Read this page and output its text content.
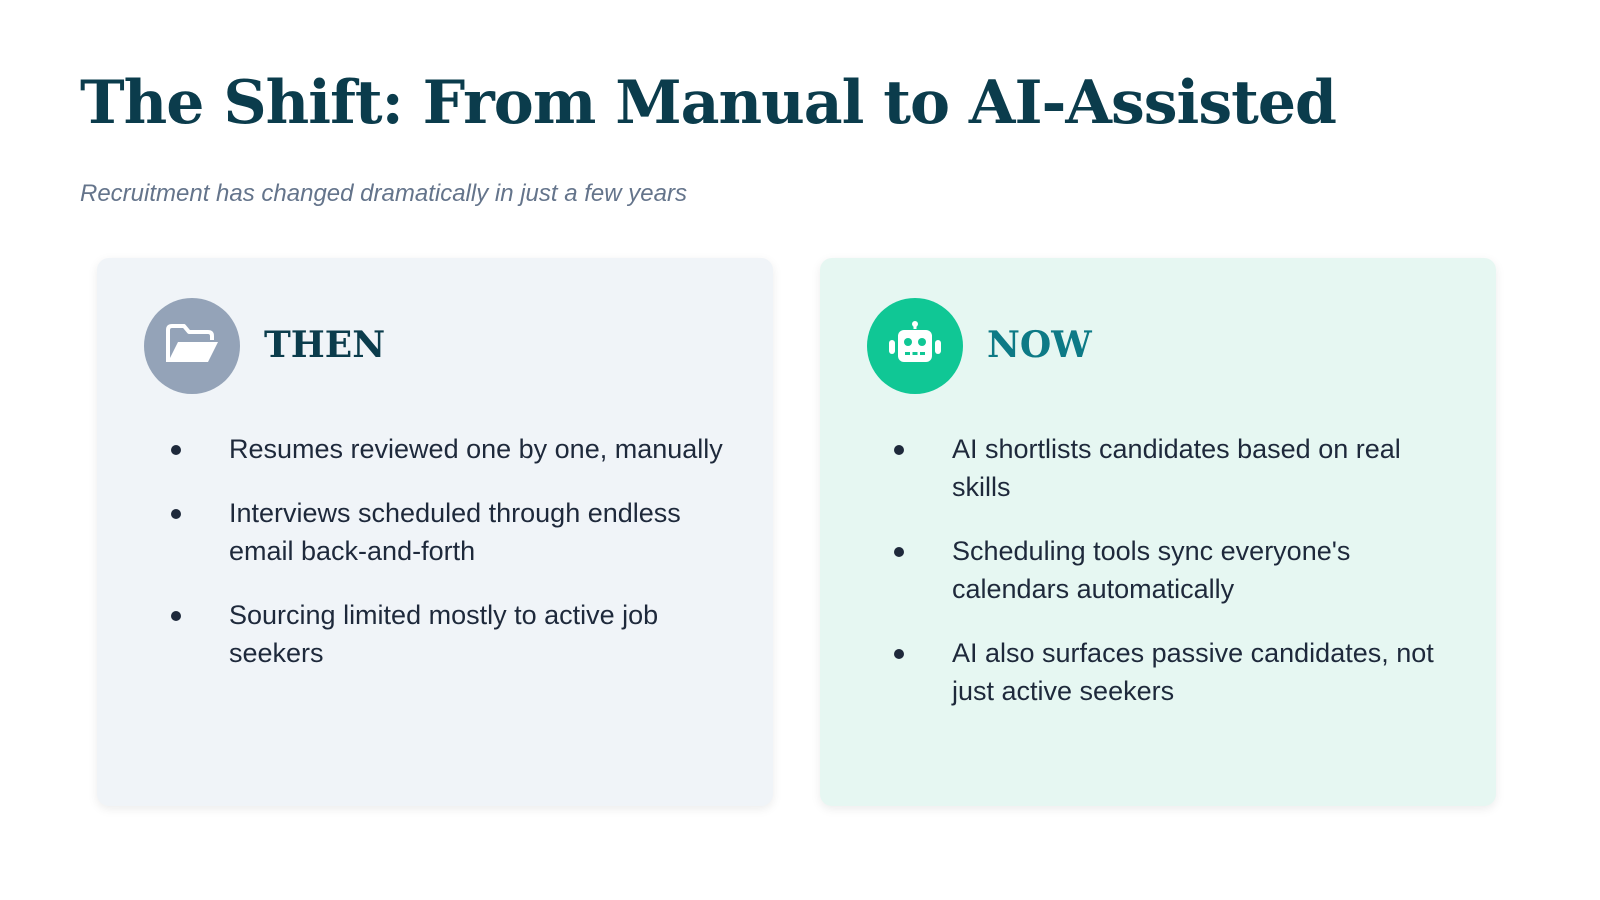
The Shift: From Manual to AI-Assisted

Recruitment has changed dramatically in just a few years

THEN
Resumes reviewed one by one, manually
Interviews scheduled through endless email back-and-forth
Sourcing limited mostly to active job seekers
NOW
AI shortlists candidates based on real skills
Scheduling tools sync everyone's calendars automatically
AI also surfaces passive candidates, not just active seekers
